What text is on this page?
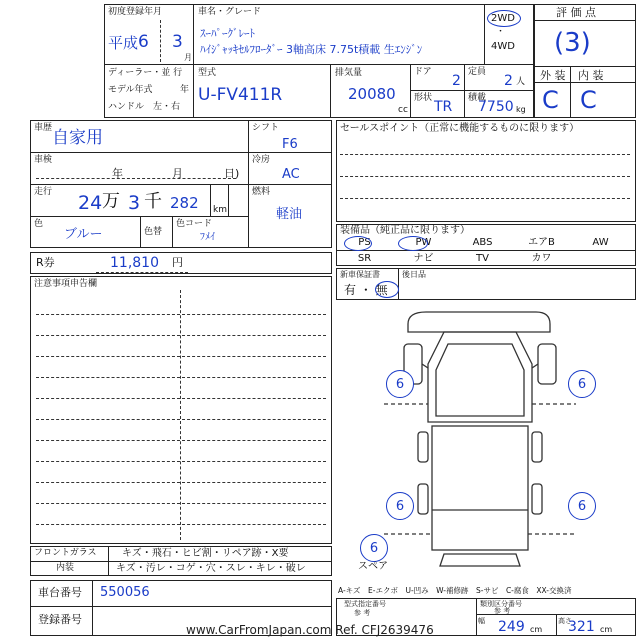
初度登録年月
平成 6 3
月
車名・グレード
ｽｰﾊﾟｰｸﾞﾚｰﾄ
ﾊｲｼﾞｬｯｷｾﾙﾌﾛｰﾀﾞｰ 3軸高床 7.75t積載 生ｴﾝｼﾞﾝ
2WD
・
4WD
ディーラー・並 行
モデル年式	年
ハンドル　左・右
型式
U-FV411R
排気量
20080
cc
ドア
2
定員
2 人
形状
TR
積載
7750 kg
評 価 点
(3)
外 装 内 装
C C
車歴 自家用
車検
年	月	日)
走行 24 万 3 千 282 km
色
ブルー	色替
色コード
ﾌﾒｲ
シフト
F6
冷房
AC
燃料
軽油
R券	11,810 円
セールスポイント（正常に機能するものに限ります）
装備品（純正品に限ります）
PS	PW	ABS	エアB	AW
SR	ナビ	TV	カワ
新車保証書
有 ・ 無
後日品
注意事項申告欄
6	6
6	6
6
スペア
フロントガラス	キズ・飛石・ヒビ割・リペア跡・X要
内装	キズ・汚レ・コゲ・穴・スレ・キレ・破レ
車台番号 550056
登録番号
A-キズ　E-エクボ　U-凹み　W-補修跡　S-サビ　C-腐食　XX-交換済
型式指定番号
参 考
類別区分番号
参 考
幅 249 cm
高さ
321 cm
www.CarFromJapan.com Ref. CFJ2639476
